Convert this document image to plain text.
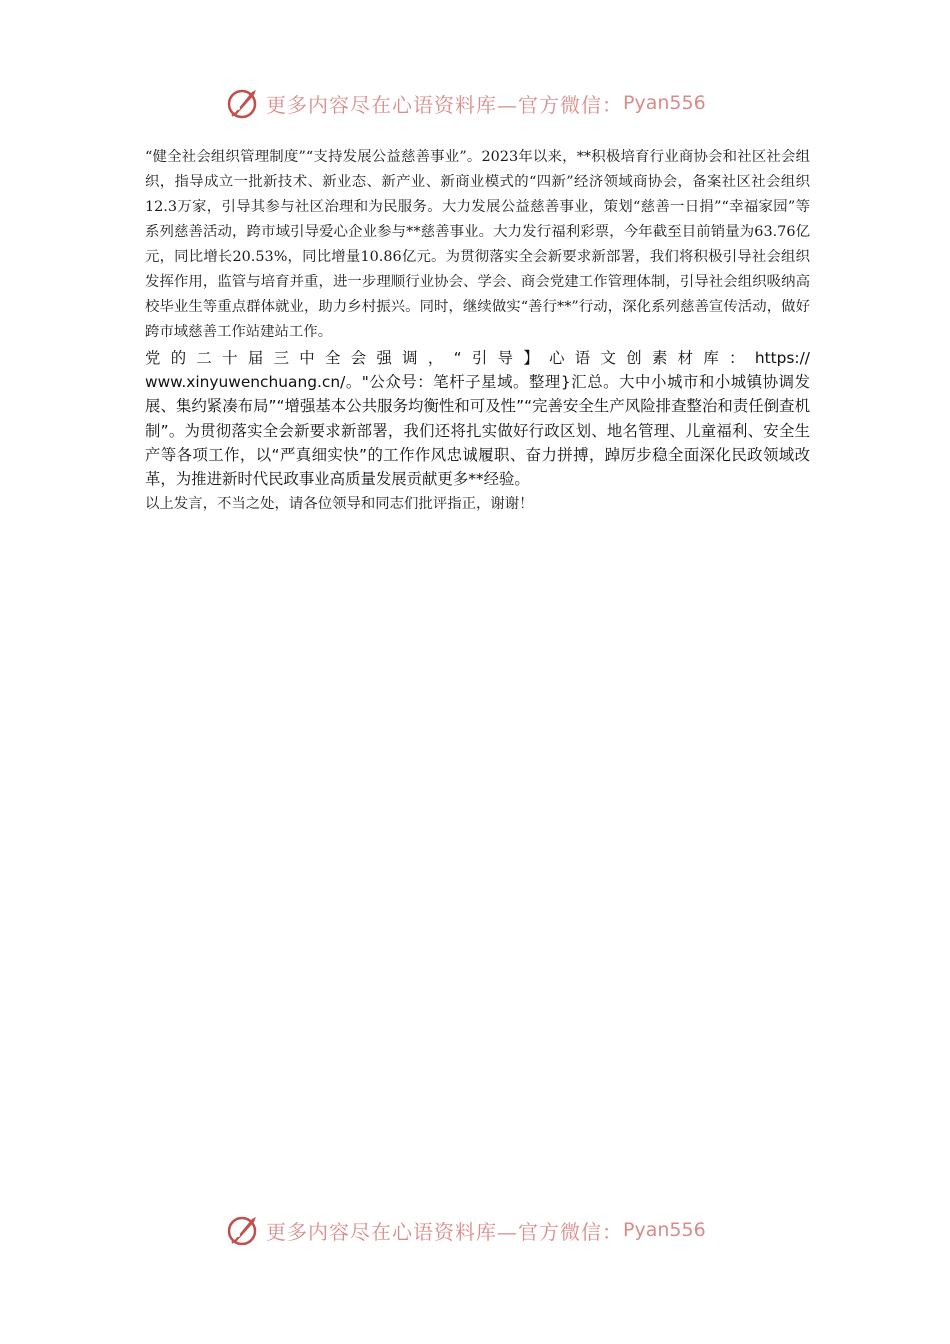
更多内容尽在心语资料库—官方微信： Pyan556

“健全社会组织管理制度”“支持发展公益慈善事业”。2023年以来，**积极培育行业商协会和社区社会组织，指导成立一批新技术、新业态、新产业、新商业模式的“四新”经济领域商协会，备案社区社会组织12.3万家，引导其参与社区治理和为民服务。大力发展公益慈善事业，策划“慈善一日捐”“幸福家园”等系列慈善活动，跨市域引导爱心企业参与**慈善事业。大力发行福利彩票，今年截至目前销量为63.76亿元，同比增长20.53%，同比增量10.86亿元。为贯彻落实全会新要求新部署，我们将积极引导社会组织发挥作用，监管与培育并重，进一步理顺行业协会、学会、商会党建工作管理体制，引导社会组织吸纳高校毕业生等重点群体就业，助力乡村振兴。同时，继续做实“善行**”行动，深化系列慈善宣传活动，做好跨市域慈善工作站建站工作。

党的二十届三中全会强调，“引导】心语文创素材库：https://
www.xinyuwenchuang.cn/。"公众号：笔杆子星域。整理}汇总。大中小城市和小城镇协调发展、集约紧凑布局”“增强基本公共服务均衡性和可及性”“完善安全生产风险排查整治和责任倒查机制”。为贯彻落实全会新要求新部署，我们还将扎实做好行政区划、地名管理、儿童福利、安全生产等各项工作，以“严真细实快”的工作作风忠诚履职、奋力拼搏，踔厉步稳全面深化民政领域改革，为推进新时代民政事业高质量发展贡献更多**经验。

以上发言，不当之处，请各位领导和同志们批评指正，谢谢！

更多内容尽在心语资料库—官方微信： Pyan556
